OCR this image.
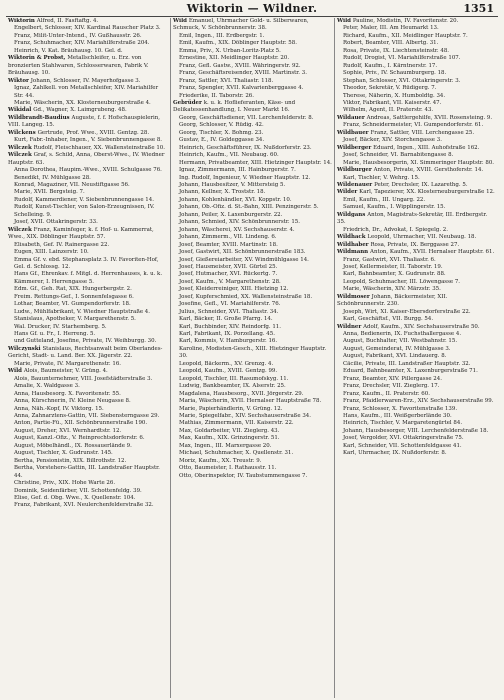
Wiktorin — Wildner.	1351
Wiktorin Alfred, II. Fasftaftg. 4.
Engelbert, Schlosser, XIV. Kardinal Rauscher Platz 3.
Franz, Milit-Unter-Intend., IV. Gußhausstr. 26.
Franz, Schuhmacher, XIV. Mariahilferstraße 204.
Heinrich, V. Kat. Bräuhausg. 10. Gel. d.
Wiktorin & Probst, Metallschleifer, u. Erz. von bronzierten Stahlwaren, Schlosserwaren, Fabrik V. Bräuhausg. 10.
Wiktor Johann, Schlosser, IV. Mayerhofgasse 3.
Ignaz, Zahlkell. von Metallschleifer, XIV. Mariahilfer Str. 44.
Marie, Wäscherin, XX. Klosterneuburgerstraße 4.
Wikidal Gd., Wagner, X. Laimgrubeng. 48.
Wildbrandt-Baudius Auguste, f. f. Hofschauspielerin, VIII. Langeg. 15.
Wilckens Gertrude, Prof. Wwe., XVIII. Gentzg. 28.
Kurt, Fabr.-Inhaber, Ingen., V. Siebenbrunnengasse 8.
Wilczek Rudolf, Fleischhauer, XX. Wallensteinstraße 10.
Wilczek Graf, s. Schild, Anna, Oberst-Wwe., IV. Wiedner Hauptstr. 63.
Anna Dorothea, Haupim.-Wwe., XVIII. Schulgasse 76.
Benedikt, IV. Mühlgasse 28.
Konrad, Magaziner, VII. Neustiftgasse 56.
Marie, XVII. Bergsteig. 7.
Rudolf, Kammerdiener, V. Siebenbrunnengasse 14.
Rudolf, Kunst-Tischler, von Salon-Erzeugnissen, IV. Schelleing. 9.
Josef, XVII. Ottakringerstr. 33.
Wilczek Franz, Kaminfeger, k. f. Hof- u. Kammerrat, Wwe., XIX. Döblinger Hauptstr. 57.
Elisabeth, Gef. IV. Rainergasse 22.
Eugen, XIII. Lainzerstr. 10.
Emma Gf. v. ebd. Stephansplatz 3. IV. Favoriten-Hof, Gel. d. Schlossg. 12.
Hans Gf., Ehrenkav. f. Mitgl. d. Herrenhauses, k. u. k. Kämmerer, I. Herrengasse 5.
Edm. Gf., Geh. Rat, XIX. Hungerbergstr. 2.
Freim. Rettungs-Gef., I. Sonnenfelsgasse 6.
Lothar, Beamter, VI. Gumpendorferstr. 18.
Ludw., Mühlfabrikant, V. Wiedner Hauptstraße 4.
Stanislaus, Apotheker, V. Margarethenstr. 5.
Wal. Drucker, IV. Starhemberg. 5.
Hans Gf. u. Fr., I. Herreng. 5.
und Gutteland, Josefine, Private, IV. Weihburgg. 30.
Wilczynski Stanislaus, Rechtsanwalt beim Oberlandes-Gericht, Stadt- u. Land. Ber. XX. Jägerstr. 22.
Marie, Private, IV. Margarethenstr. 16.
Wild Alois, Baumeister, V. Grüng. 4.
Alois, Bauunternehmer, VIII. Josefstädterstraße 3.
Amalie, X. Waldgasse 3.
Anna, Hausbesorg. X. Favoritenstr. 55.
Anna, Kürschnerin, IV. Kleine Neugasse 8.
Anna, Näh.-Kopf, IV. Viktorg. 15.
Anna, Zahnarztens-Gattin, VII. Siebensterngasse 29.
Anton, Partie-Fü., XII. Schönbrunnerstraße 190.
August, Dreher, XVI. Wernhardtstr. 12.
August, Kanzl.-Ofiz., V. Reinprechtsdorferstr. 6.
August, Möbelhändl., IX. Rossauerlände 9.
August, Tischler, X. Gudrunstr. 145.
Bertha, Pensionistin, XIX. Billrothstr. 12.
Bertha, Vorstehers-Gattin, III. Landstraßer Hauptstr. 44.
Christine, Priv., XIX. Hohe Warte 26.
Dominik, Seidenfärber, VII. Schottenfeldg. 39.
Elise, Gef. d. Obg. Wwe., X. Quellenstr. 104.
Franz, Fabrikant, XVI. Neulerchenfelderstraße 32.
Wild Emanuel, Uhrmacher Gold- u. Silberwaren, Schmuck, V. Schönbrunnerstr. 38.
Emil, Ingen., III. Erdbergstr. 1.
Emil, Kaufm., XIX. Döblinger Hauptstr. 58.
Emma, Priv., X. Urban-Loritz-Platz 5.
Ernestine, XII. Meidlinger Hauptstr. 20.
Franz, Gefl. Gastw., XVIII. Währingerstr. 92.
Franz, Geschäftsreisender, XVIII. Martinstr. 3.
Franz, Sattler, XVI. Thaliastr. 118.
Franz, Spengler, XVII. Kalvarienberggasse 4.
Friederike, II. Taborstr. 26.
Gebrüder k. u. k. Hoflieferanten, Käse- und Delikatessenhandlung, I. Neuer Markt 16.
Georg, Geschäftsdiener, VII. Lerchenfelderstr. 8.
Georg, Schlosser, V. Rüdig. 42.
Georg, Tischler, X. Bohmg. 23.
Gustav, E., IV. Goldeggasse 34.
Heinrich, Geschäftsführer, IX. Nußdorferstr. 23.
Heinrich, Kaufm., VII. Neubaug. 60.
Hermann, Privatbeamter, XIII. Hietzinger Hauptstr. 14.
Ignaz, Zimmermann, III. Hainburgerstr. 7.
Ing. Rudolf, Ingenieur, V. Wiedner Hauptstr. 12.
Johann, Hausbesitzer, V. Mittersteig 5.
Johann, Kellner, X. Troststr. 18.
Johann, Kohlenhändler, XVI. Koppstr. 10.
Johann, Ob.-Ofiz. d. St.-Bahn, XIII. Penzingerstr. 5.
Johann, Peiler, X. Laxenburgerstr. 22.
Johann, Schmied, XIV. Schönbrunnerstr. 15.
Johann, Wäscherei, XV. Sechshauserstr. 4.
Johann, Zimmerm., VII. Lindeng. 6.
Josef, Beamter, XVIII. Martinstr. 18.
Josef, Gastwirt, XII. Schönbrunnerstraße 183.
Josef, Gießereiarbeiter, XV. Windmühlgasse 14.
Josef, Hausmeister, XVII. Gürtel 25.
Josef, Hutmacher, XVI. Rückertg. 7.
Josef, Kaufm., V. Margarethenstr. 28.
Josef, Kleiderreiniger, XIII. Hietzing 12.
Josef, Kupferschmied, XX. Wallensteinstraße 18.
Josefine, Gefl., VI. Mariahilferstr. 76.
Julius, Schneider, XVI. Thaliastr. 34.
Karl, Bäcker, II. Große Pfarrg. 14.
Karl, Buchbinder, XIV. Reindorfg. 11.
Karl, Fabrikant, IX. Porzellang. 45.
Karl, Kommis, V. Hamburgerstr. 16.
Karoline, Modisten-Gesch., XIII. Hietzinger Hauptstr. 30.
Leopold, Bäckerm., XV. Grenzg. 4.
Leopold, Kaufm., XVIII. Gentzg. 99.
Leopold, Tischler, III. Rasumofskyg. 11.
Ludwig, Bankbeamter, IX. Alserstr. 25.
Magdalena, Hausbesorg., XVII. Jörgerstr. 29.
Maria, Wäscherin, XVII. Hernalser Hauptstraße 78.
Marie, Papierhändlerin, V. Grüng. 12.
Marie, Spiegelfabr., XIV. Sechshauserstraße 34.
Mathias, Zimmermann, VII. Kaiserstr. 22.
Max, Goldarbeiter, VII. Zieglerg. 43.
Max, Kaufm., XIX. Grinzingerstr. 51.
Max, Ingen., III. Marxergasse 20.
Michael, Schuhmacher, X. Quellenstr. 31.
Moriz, Kaufm., XX. Treustr. 9.
Otto, Baumeister, I. Rathausstr. 11.
Otto, Oberinspektor, IV. Taubstummengasse 7.
Wild Pauline, Modistin, IV. Favoritenstr. 20.
Peter, Maler, III. Am Heumarkt 13.
Richard, Kaufm., XII. Meidlinger Hauptstr. 7.
Robert, Beamter, VIII. Albertg. 31.
Rosa, Private, IX. Liechtensteinstr. 48.
Rudolf, Drogist, VI. Mariahilferstraße 107.
Rudolf, Kaufm., I. Kärntnerstr. 17.
Sophie, Priv., IV. Schaumburgerg. 18.
Stephan, Schlosser, XVI. Ottakringerstr. 3.
Theodor, Sekretär, V. Rüdigerg. 7.
Therese, Näherin, X. Humboldtg. 34.
Viktor, Fabrikant, VII. Kaiserstr. 47.
Wilhelm, Agent, II. Praterstr. 43.
Wildauer Andreas, Sattlergehilfe, XVII. Rosensteing. 9.
Franz, Schneidermeister, VI. Gumpendorferstr. 61.
Wildbauer Franz, Sattler, VIII. Lerchengasse 25.
Josef, Bäcker, XIV. Storchengasse 3.
Wildberger Eduard, Ingen., XIII. Auhofstraße 162.
Josef, Schneider, VI. Barnabitengasse 8.
Marie, Hausbesorgerin, XI. Simmeringer Hauptstr. 80.
Wildburger Anton, Private, XVIII. Gersthoferstr. 14.
Karl, Tischler, V. Wehrg. 15.
Wildenauer Peter, Drechsler, IX. Lazarethg. 5.
Wilder Karl, Tapezierer, XX. Klosterneuburgerstraße 12.
Emil, Kaufm., III. Ungarg. 22.
Samuel, Kaufm., I. Wipplingerstr. 15.
Wildgans Anton, Magistrats-Sekretär, III. Erdbergstr. 35.
Friedrich, Dr., Advokat, I. Spiegelg. 2.
Wildhack Leopold, Uhrmacher, VII. Neubaug. 18.
Wildhaber Rosa, Private, IX. Berggasse 27.
Wildmann Anton, Kaufm., XVII. Hernalser Hauptstr. 61.
Franz, Gastwirt, XVI. Thaliastr. 6.
Josef, Kellermeister, II. Taborstr. 19.
Karl, Bahnbeamter, X. Gudrunstr. 88.
Leopold, Schuhmacher, III. Löwengasse 7.
Marie, Wäscherin, XIV. Märzstr. 35.
Wildmoser Johann, Bäckermeister, XII. Schönbrunnerstr. 230.
Joseph, Wirt, XI. Kaiser-Ebersdorferstraße 22.
Karl, Geschäftsf., VII. Burgg. 54.
Wildner Adolf, Kaufm., XIV. Sechshauserstraße 50.
Anna, Bedienerin, IX. Fuchsthallergasse 4.
August, Buchhalter, VII. Westbahnstr. 15.
August, Gemeinderat, IV. Mühlgasse 3.
August, Fabrikant, XVI. Lindauerg. 8.
Cäcilie, Private, III. Landstraßer Hauptstr. 32.
Eduard, Bahnbeamter, X. Laxenburgerstraße 71.
Franz, Beamter, XIV. Pillergasse 24.
Franz, Drechsler, VII. Zieglerg. 17.
Franz, Kaufm., II. Praterstr. 60.
Franz, Pfaidlerwaren-Erz., XIV. Sechshauserstraße 99.
Franz, Schlosser, X. Favoritenstraße 139.
Hans, Kaufm., III. Weißgerberlände 30.
Heinrich, Tischler, V. Margaretengürtel 84.
Johann, Hausbesorger, VIII. Lerchenfelderstraße 18.
Josef, Vergolder, XVI. Ottakringerstraße 75.
Karl, Schneider, VII. Schottenfeldgasse 41.
Karl, Uhrmacher, IX. Nußdorferstr. 8.
